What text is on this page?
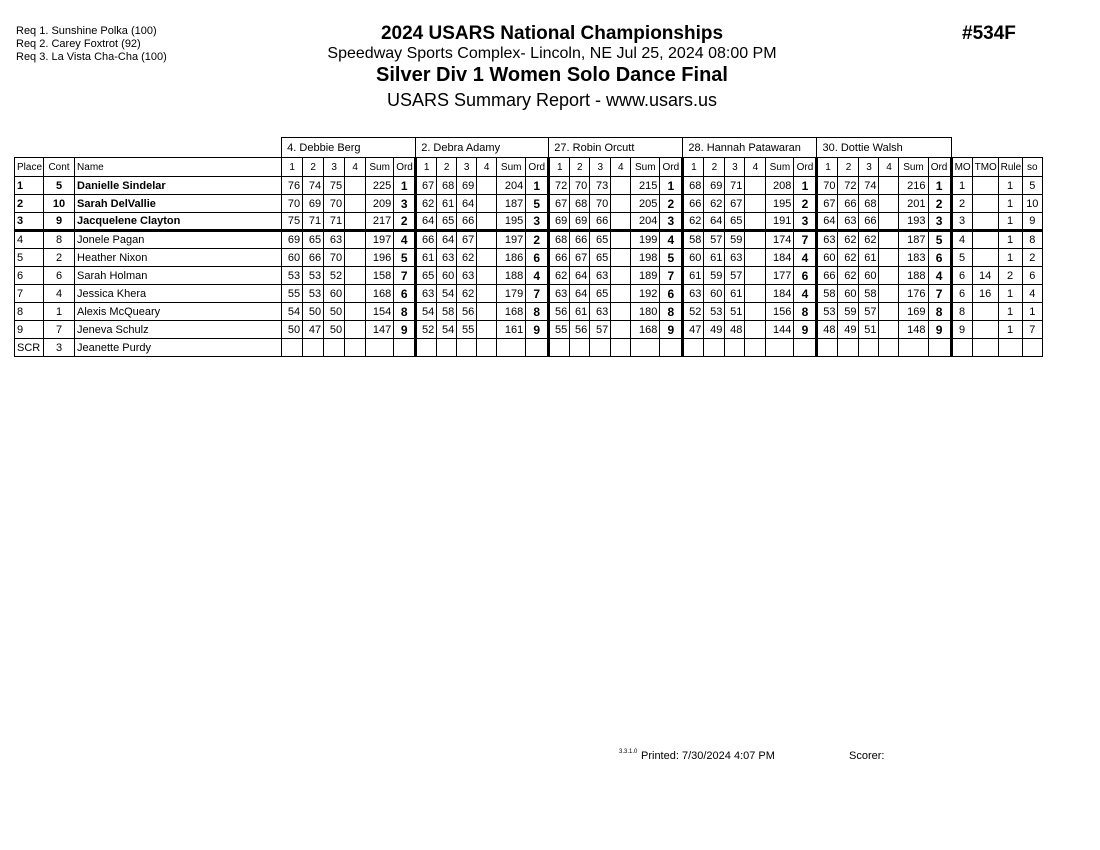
Req 1. Sunshine Polka (100)
Req 2. Carey Foxtrot (92)
Req 3. La Vista Cha-Cha (100)
2024 USARS National Championships
Speedway Sports Complex- Lincoln, NE Jul 25, 2024 08:00 PM
Silver Div 1 Women Solo Dance Final
USARS Summary Report - www.usars.us
#534F
			4. Debbie Berg						2. Debra Adamy						27. Robin Orcutt						28. Hannah Patawaran						30. Dottie Walsh									
Place	Cont	Name	1	2	3	4	Sum	Ord	1	2	3	4	Sum	Ord	1	2	3	4	Sum	Ord	1	2	3	4	Sum	Ord	1	2	3	4	Sum	Ord	MO	TMO	Rule	so
1	5	Danielle Sindelar	76	74	75		225	1	67	68	69		204	1	72	70	73		215	1	68	69	71		208	1	70	72	74		216	1	1		1	5
2	10	Sarah DelVallie	70	69	70		209	3	62	61	64		187	5	67	68	70		205	2	66	62	67		195	2	67	66	68		201	2	2		1	10
3	9	Jacquelene Clayton	75	71	71		217	2	64	65	66		195	3	69	69	66		204	3	62	64	65		191	3	64	63	66		193	3	3		1	9
4	8	Jonele Pagan	69	65	63		197	4	66	64	67		197	2	68	66	65		199	4	58	57	59		174	7	63	62	62		187	5	4		1	8
5	2	Heather Nixon	60	66	70		196	5	61	63	62		186	6	66	67	65		198	5	60	61	63		184	4	60	62	61		183	6	5		1	2
6	6	Sarah Holman	53	53	52		158	7	65	60	63		188	4	62	64	63		189	7	61	59	57		177	6	66	62	60		188	4	6	14	2	6
7	4	Jessica Khera	55	53	60		168	6	63	54	62		179	7	63	64	65		192	6	63	60	61		184	4	58	60	58		176	7	6	16	1	4
8	1	Alexis McQueary	54	50	50		154	8	54	58	56		168	8	56	61	63		180	8	52	53	51		156	8	53	59	57		169	8	8		1	1
9	7	Jeneva Schulz	50	47	50		147	9	52	54	55		161	9	55	56	57		168	9	47	49	48		144	9	48	49	51		148	9	9		1	7
SCR	3	Jeanette Purdy																																		
3.3.1.0 Printed: 7/30/2024 4:07 PM	Scorer:
